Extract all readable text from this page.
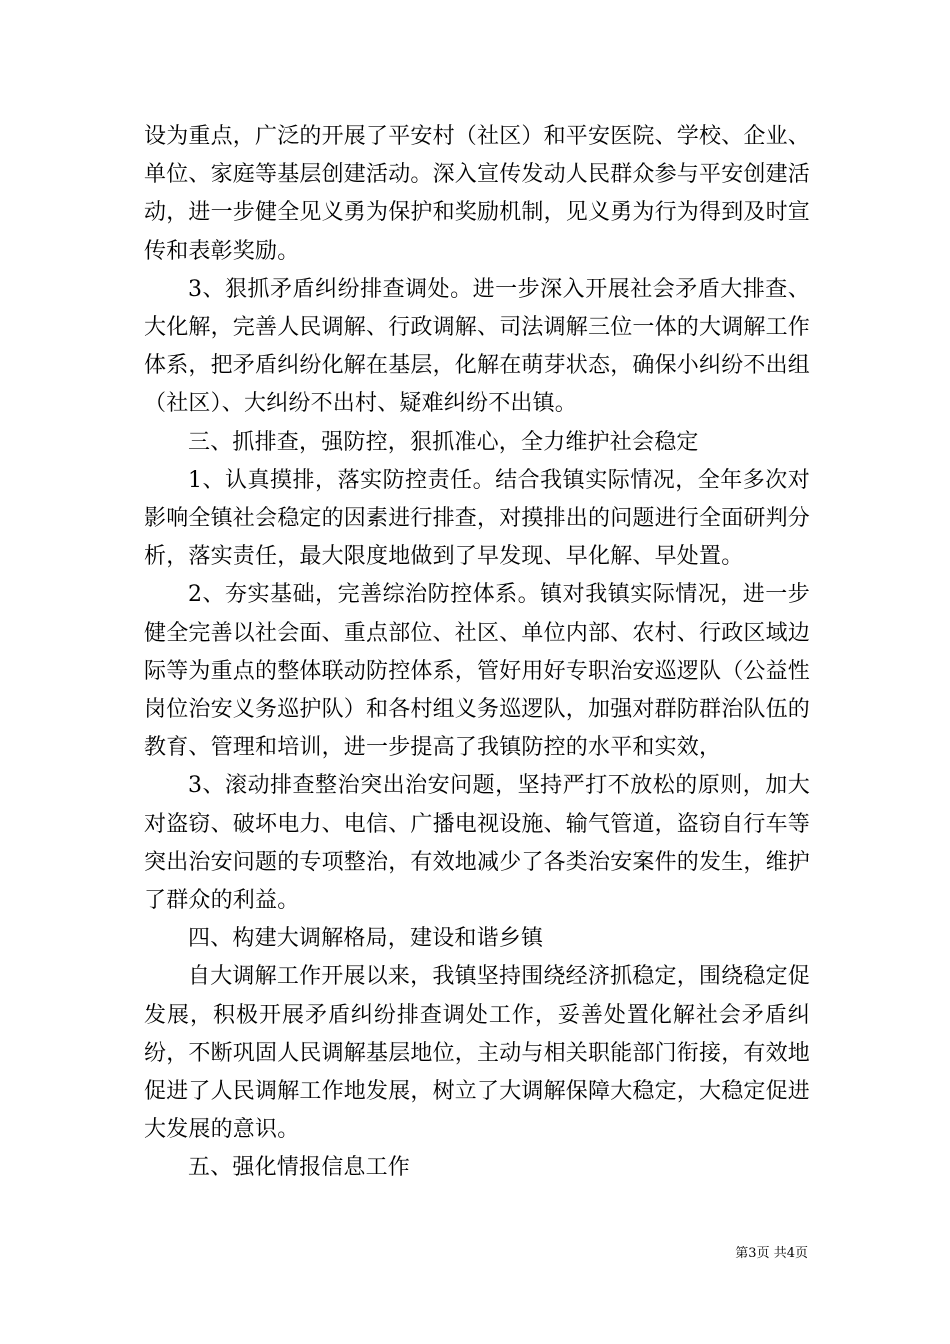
设为重点，广泛的开展了平安村（社区）和平安医院、学校、企业、单位、家庭等基层创建活动。深入宣传发动人民群众参与平安创建活动，进一步健全见义勇为保护和奖励机制，见义勇为行为得到及时宣传和表彰奖励。

3、狠抓矛盾纠纷排查调处。进一步深入开展社会矛盾大排查、大化解，完善人民调解、行政调解、司法调解三位一体的大调解工作体系，把矛盾纠纷化解在基层，化解在萌芽状态，确保小纠纷不出组（社区）、大纠纷不出村、疑难纠纷不出镇。

三、抓排查，强防控，狠抓准心，全力维护社会稳定

1、认真摸排，落实防控责任。结合我镇实际情况，全年多次对影响全镇社会稳定的因素进行排查，对摸排出的问题进行全面研判分析，落实责任，最大限度地做到了早发现、早化解、早处置。

2、夯实基础，完善综治防控体系。镇对我镇实际情况，进一步健全完善以社会面、重点部位、社区、单位内部、农村、行政区域边际等为重点的整体联动防控体系，管好用好专职治安巡逻队（公益性岗位治安义务巡护队）和各村组义务巡逻队，加强对群防群治队伍的教育、管理和培训，进一步提高了我镇防控的水平和实效，

3、滚动排查整治突出治安问题，坚持严打不放松的原则，加大对盗窃、破坏电力、电信、广播电视设施、输气管道，盗窃自行车等突出治安问题的专项整治，有效地减少了各类治安案件的发生，维护了群众的利益。

四、构建大调解格局，建设和谐乡镇

自大调解工作开展以来，我镇坚持围绕经济抓稳定，围绕稳定促发展，积极开展矛盾纠纷排查调处工作，妥善处置化解社会矛盾纠纷，不断巩固人民调解基层地位，主动与相关职能部门衔接，有效地促进了人民调解工作地发展，树立了大调解保障大稳定，大稳定促进大发展的意识。

五、强化情报信息工作

第3页 共4页
